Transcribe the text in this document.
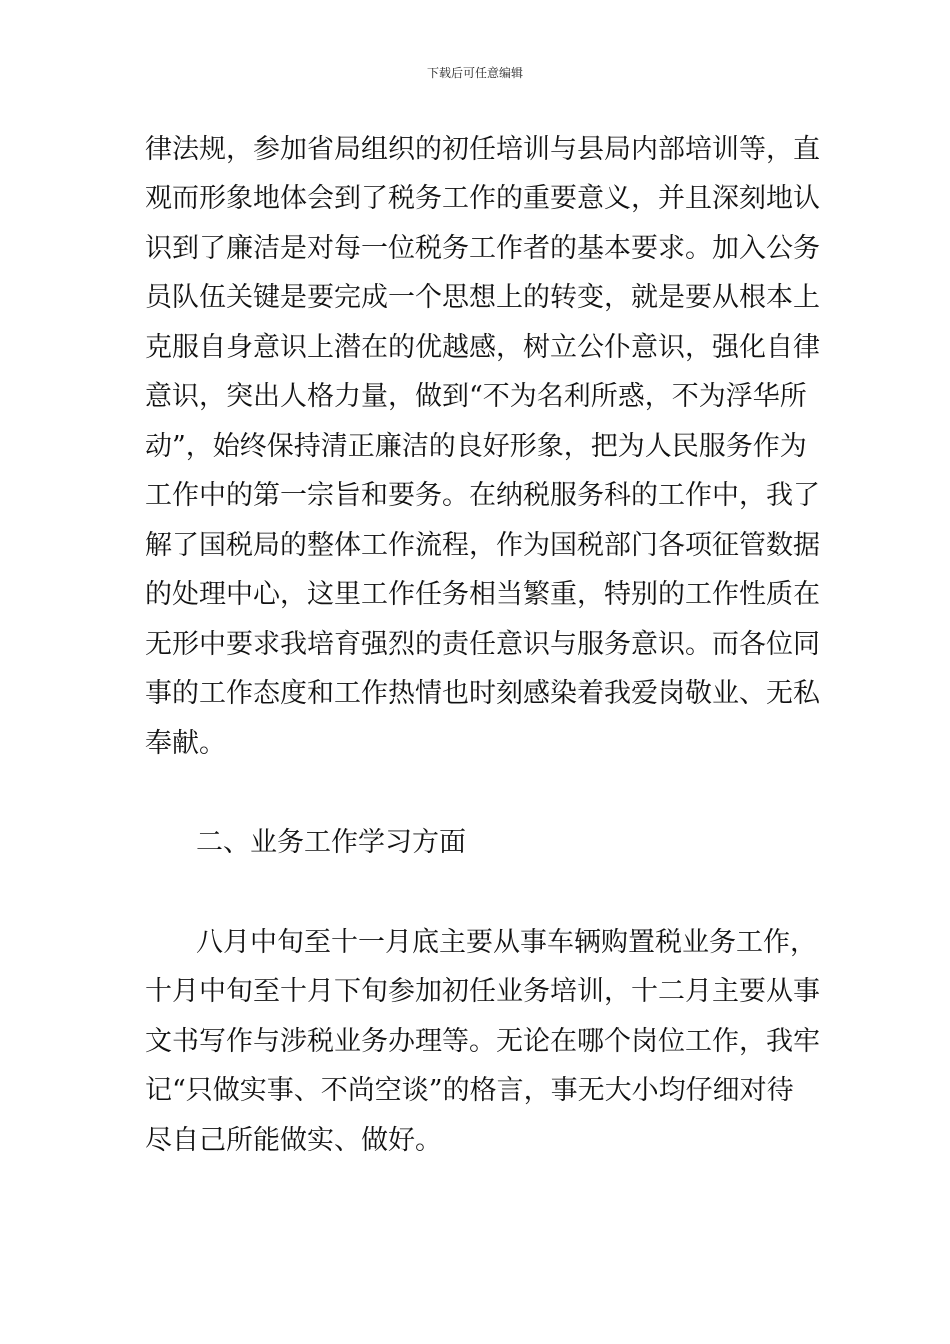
下载后可任意编辑
律法规，参加省局组织的初任培训与县局内部培训等，直
观而形象地体会到了税务工作的重要意义，并且深刻地认
识到了廉洁是对每一位税务工作者的基本要求。加入公务
员队伍关键是要完成一个思想上的转变，就是要从根本上
克服自身意识上潜在的优越感，树立公仆意识，强化自律
意识，突出人格力量，做到“不为名利所惑，不为浮华所
动”，始终保持清正廉洁的良好形象，把为人民服务作为
工作中的第一宗旨和要务。在纳税服务科的工作中，我了
解了国税局的整体工作流程，作为国税部门各项征管数据
的处理中心，这里工作任务相当繁重，特别的工作性质在
无形中要求我培育强烈的责任意识与服务意识。而各位同
事的工作态度和工作热情也时刻感染着我爱岗敬业、无私
奉献。
二、业务工作学习方面
八月中旬至十一月底主要从事车辆购置税业务工作，
十月中旬至十月下旬参加初任业务培训，十二月主要从事
文书写作与涉税业务办理等。无论在哪个岗位工作，我牢
记“只做实事、不尚空谈”的格言，事无大小均仔细对待
尽自己所能做实、做好。
